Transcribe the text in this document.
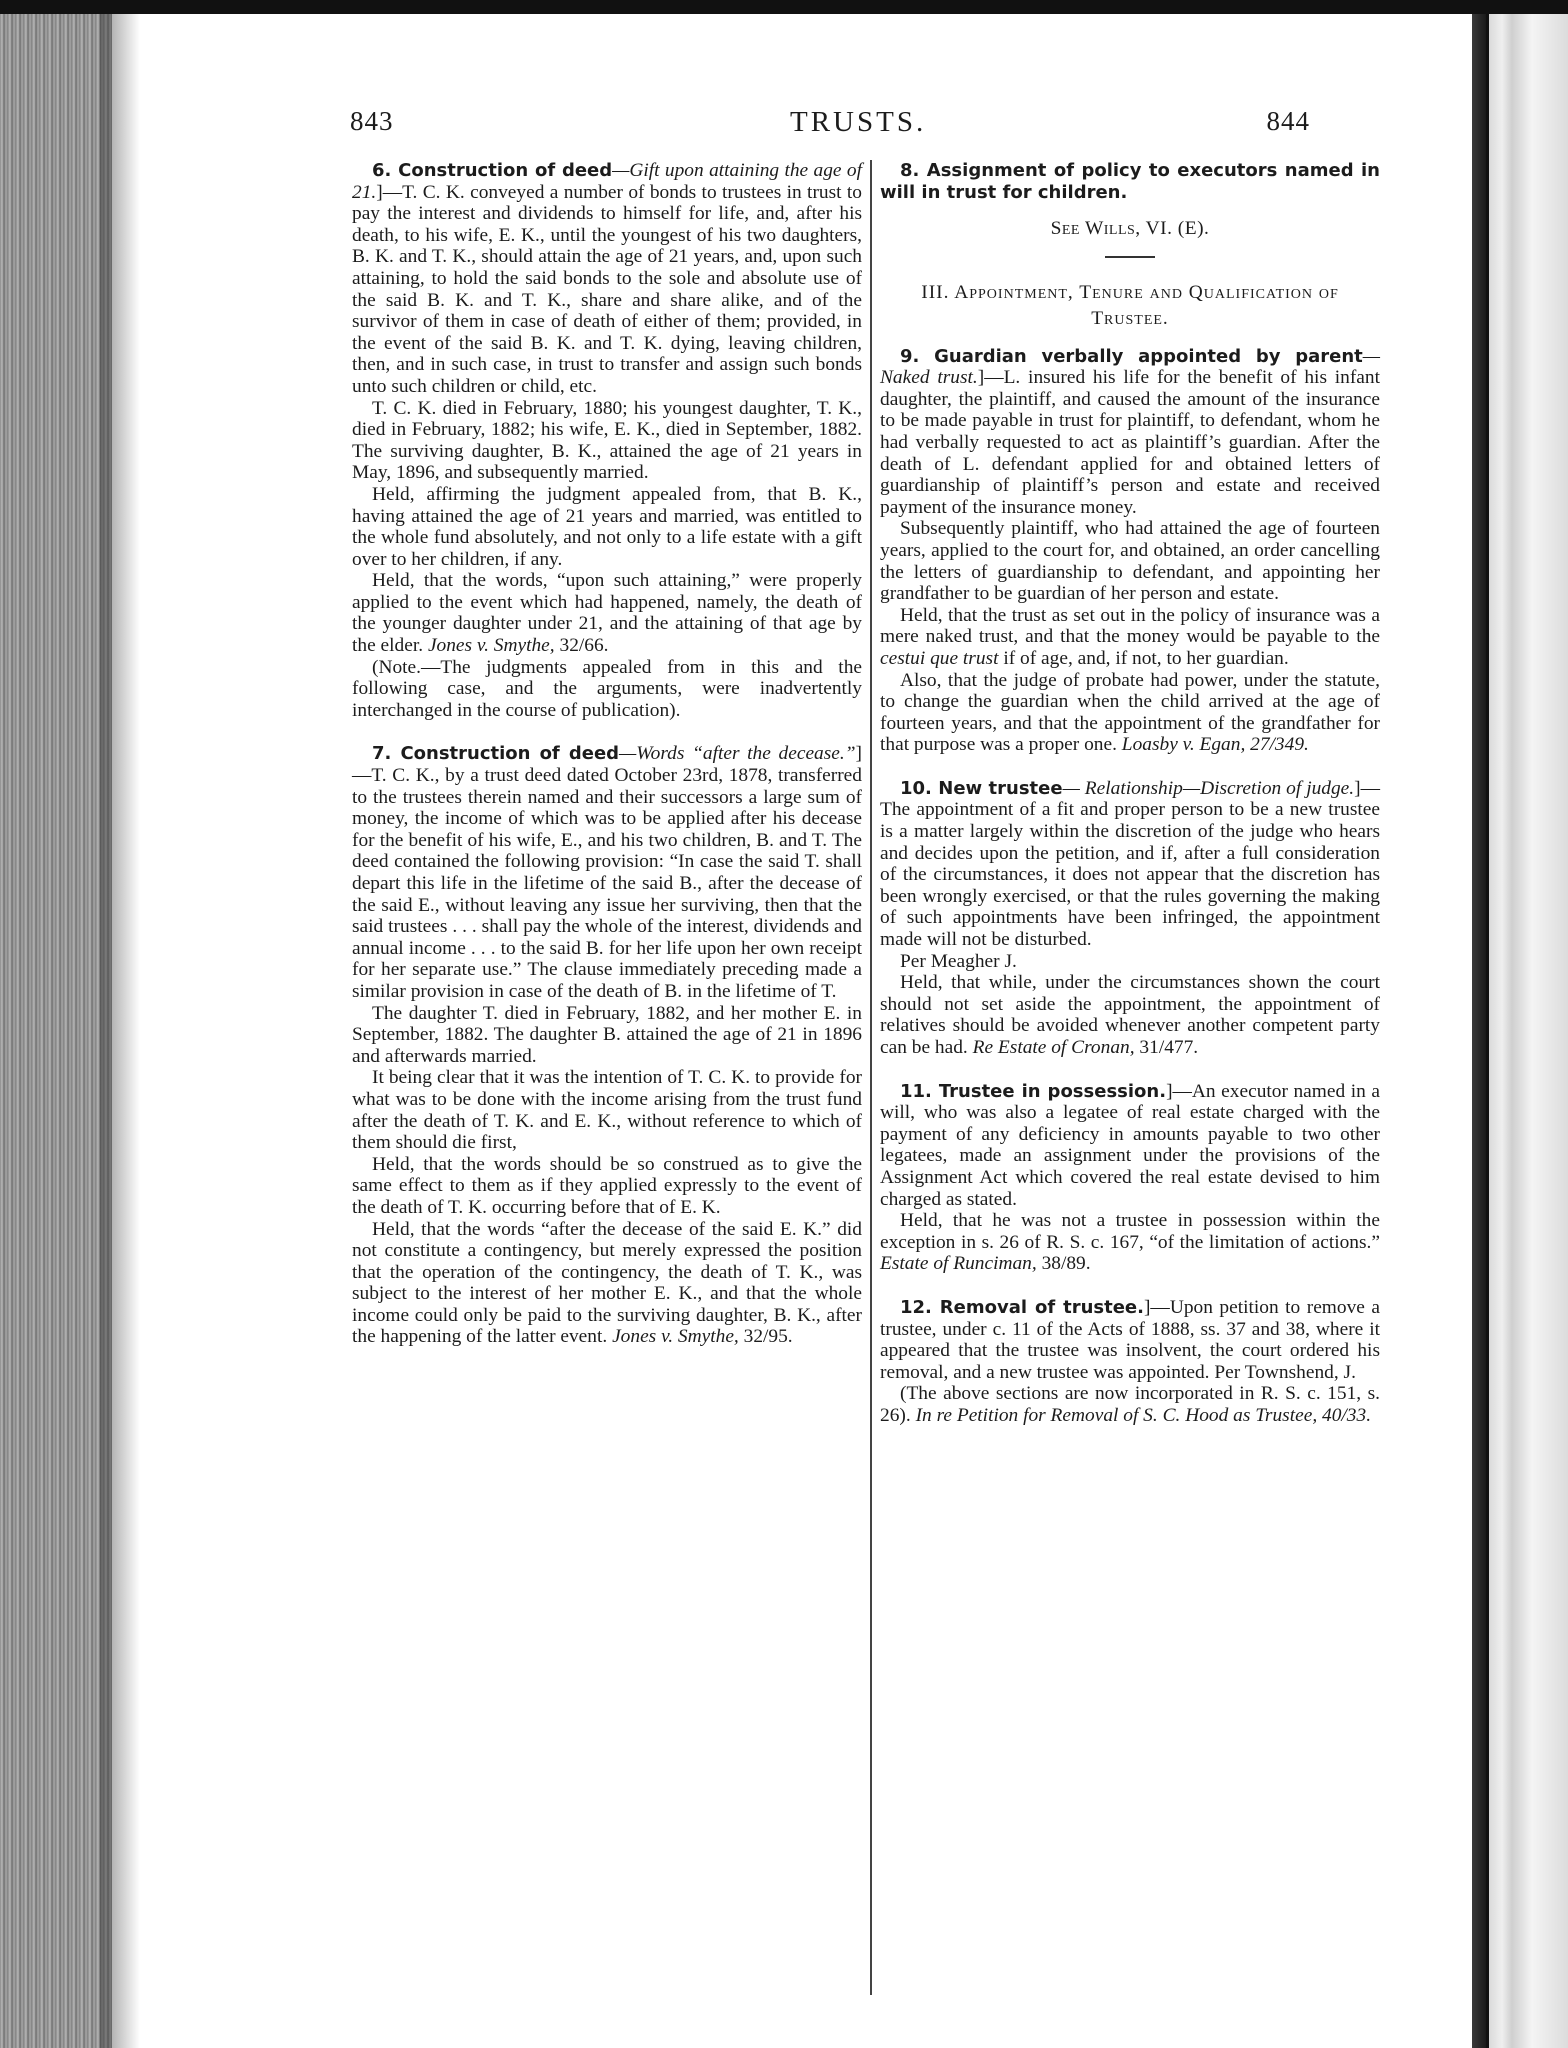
843	TRUSTS.	844

6. Construction of deed—Gift upon attaining the age of 21.]—T. C. K. conveyed a number of bonds to trustees in trust to pay the interest and dividends to himself for life, and, after his death, to his wife, E. K., until the youngest of his two daughters, B. K. and T. K., should attain the age of 21 years, and, upon such attaining, to hold the said bonds to the sole and absolute use of the said B. K. and T. K., share and share alike, and of the survivor of them in case of death of either of them; provided, in the event of the said B. K. and T. K. dying, leaving children, then, and in such case, in trust to transfer and assign such bonds unto such children or child, etc.

T. C. K. died in February, 1880; his youngest daughter, T. K., died in February, 1882; his wife, E. K., died in September, 1882. The surviving daughter, B. K., attained the age of 21 years in May, 1896, and subsequently married.

Held, affirming the judgment appealed from, that B. K., having attained the age of 21 years and married, was entitled to the whole fund absolutely, and not only to a life estate with a gift over to her children, if any.

Held, that the words, “upon such attaining,” were properly applied to the event which had happened, namely, the death of the younger daughter under 21, and the attaining of that age by the elder. Jones v. Smythe, 32/66.

(Note.—The judgments appealed from in this and the following case, and the arguments, were inadvertently interchanged in the course of publication).

7. Construction of deed—Words “after the decease.”]—T. C. K., by a trust deed dated October 23rd, 1878, transferred to the trustees therein named and their successors a large sum of money, the income of which was to be applied after his decease for the benefit of his wife, E., and his two children, B. and T. The deed contained the following provision: “In case the said T. shall depart this life in the lifetime of the said B., after the decease of the said E., without leaving any issue her surviving, then that the said trustees . . . shall pay the whole of the interest, dividends and annual income . . . to the said B. for her life upon her own receipt for her separate use.” The clause immediately preceding made a similar provision in case of the death of B. in the lifetime of T.

The daughter T. died in February, 1882, and her mother E. in September, 1882. The daughter B. attained the age of 21 in 1896 and afterwards married.

It being clear that it was the intention of T. C. K. to provide for what was to be done with the income arising from the trust fund after the death of T. K. and E. K., without reference to which of them should die first,

Held, that the words should be so construed as to give the same effect to them as if they applied expressly to the event of the death of T. K. occurring before that of E. K.

Held, that the words “after the decease of the said E. K.” did not constitute a contingency, but merely expressed the position that the operation of the contingency, the death of T. K., was subject to the interest of her mother E. K., and that the whole income could only be paid to the surviving daughter, B. K., after the happening of the latter event. Jones v. Smythe, 32/95.

8. Assignment of policy to executors named in will in trust for children.

See Wills, VI. (E).

III. Appointment, Tenure and Qualification of Trustee.

9. Guardian verbally appointed by parent—Naked trust.]—L. insured his life for the benefit of his infant daughter, the plaintiff, and caused the amount of the insurance to be made payable in trust for plaintiff, to defendant, whom he had verbally requested to act as plaintiff’s guardian. After the death of L. defendant applied for and obtained letters of guardianship of plaintiff’s person and estate and received payment of the insurance money.

Subsequently plaintiff, who had attained the age of fourteen years, applied to the court for, and obtained, an order cancelling the letters of guardianship to defendant, and appointing her grandfather to be guardian of her person and estate.

Held, that the trust as set out in the policy of insurance was a mere naked trust, and that the money would be payable to the cestui que trust if of age, and, if not, to her guardian.

Also, that the judge of probate had power, under the statute, to change the guardian when the child arrived at the age of fourteen years, and that the appointment of the grandfather for that purpose was a proper one. Loasby v. Egan, 27/349.

10. New trustee— Relationship—Discretion of judge.]—The appointment of a fit and proper person to be a new trustee is a matter largely within the discretion of the judge who hears and decides upon the petition, and if, after a full consideration of the circumstances, it does not appear that the discretion has been wrongly exercised, or that the rules governing the making of such appointments have been infringed, the appointment made will not be disturbed.

Per Meagher J.

Held, that while, under the circumstances shown the court should not set aside the appointment, the appointment of relatives should be avoided whenever another competent party can be had. Re Estate of Cronan, 31/477.

11. Trustee in possession.]—An executor named in a will, who was also a legatee of real estate charged with the payment of any deficiency in amounts payable to two other legatees, made an assignment under the provisions of the Assignment Act which covered the real estate devised to him charged as stated.

Held, that he was not a trustee in possession within the exception in s. 26 of R. S. c. 167, “of the limitation of actions.” Estate of Runciman, 38/89.

12. Removal of trustee.]—Upon petition to remove a trustee, under c. 11 of the Acts of 1888, ss. 37 and 38, where it appeared that the trustee was insolvent, the court ordered his removal, and a new trustee was appointed. Per Townshend, J.

(The above sections are now incorporated in R. S. c. 151, s. 26). In re Petition for Removal of S. C. Hood as Trustee, 40/33.
